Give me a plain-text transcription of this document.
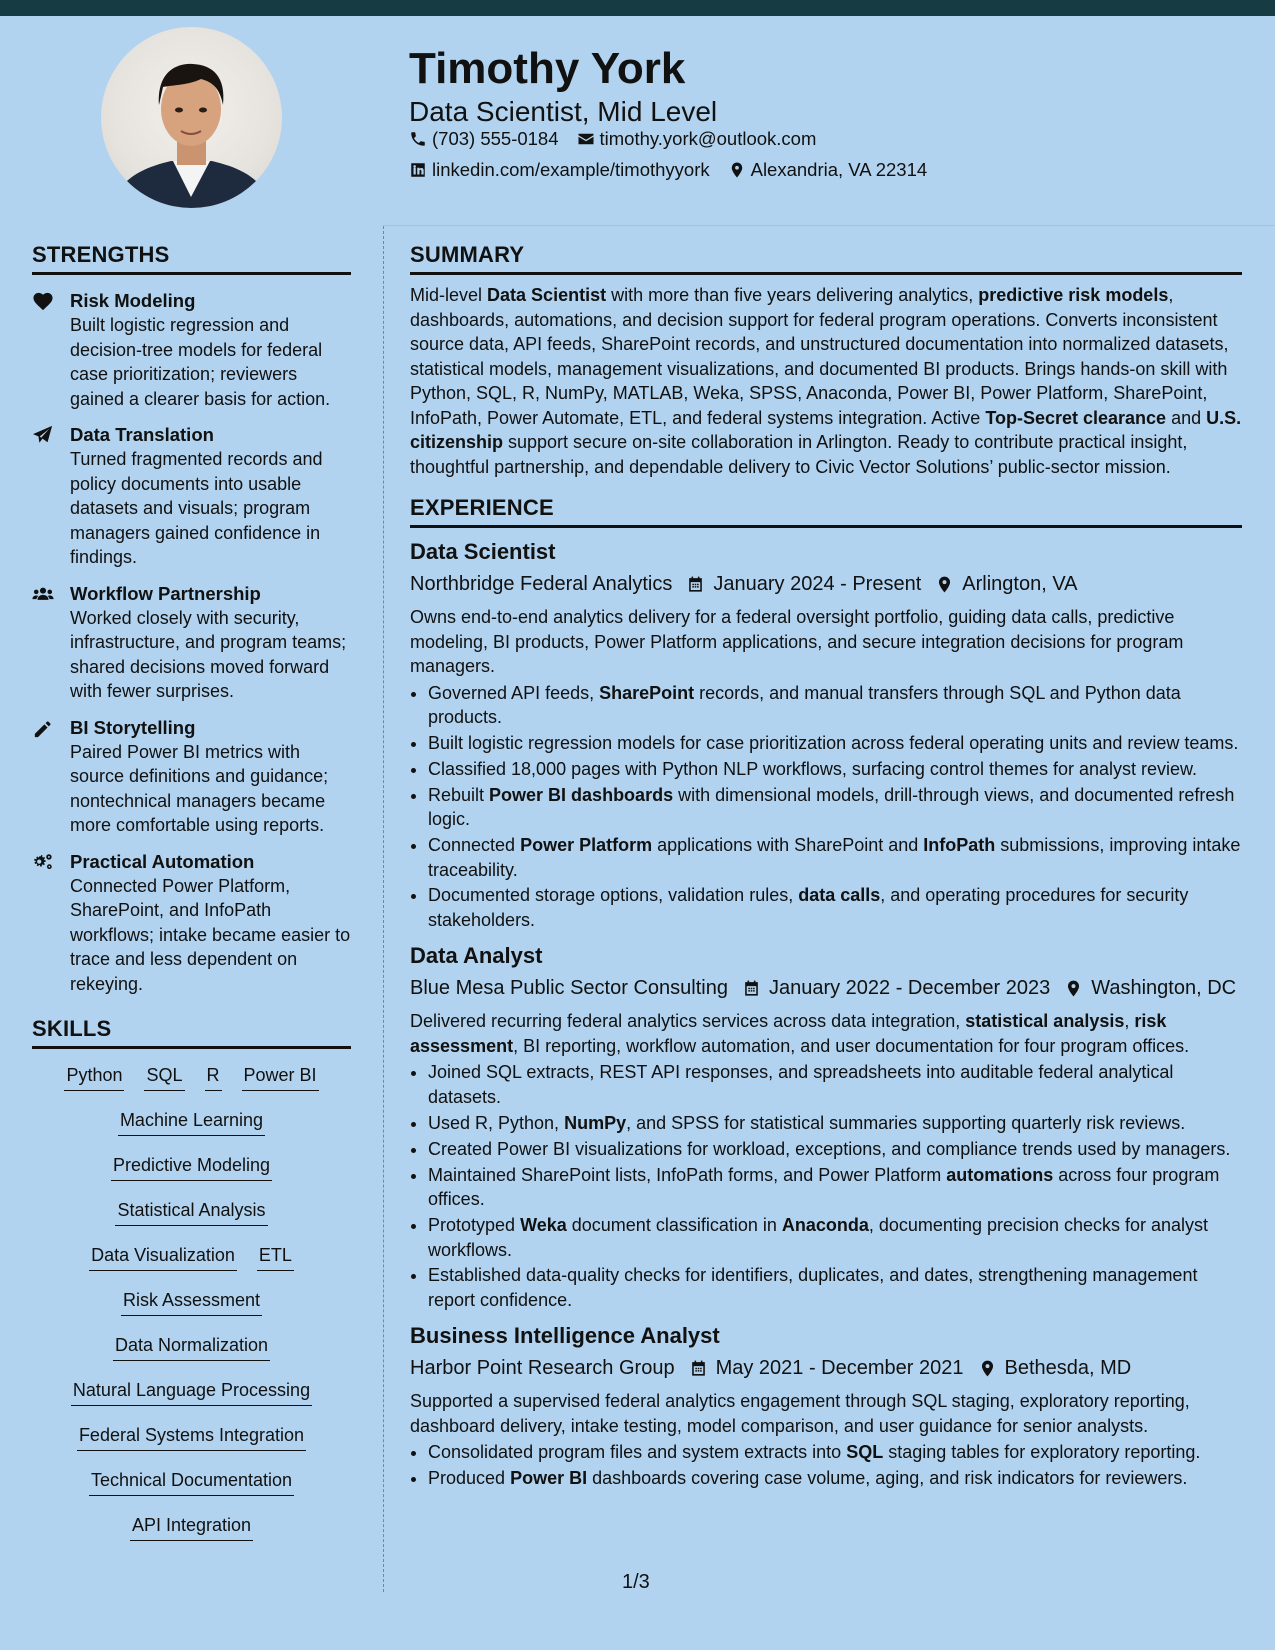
Timothy York
Data Scientist, Mid Level
(703) 555-0184 timothy.york@outlook.com
linkedin.com/example/timothyyork Alexandria, VA 22314
STRENGTHS
Risk Modeling
Built logistic regression and decision-tree models for federal case prioritization; reviewers gained a clearer basis for action.
Data Translation
Turned fragmented records and policy documents into usable datasets and visuals; program managers gained confidence in findings.
Workflow Partnership
Worked closely with security, infrastructure, and program teams; shared decisions moved forward with fewer surprises.
BI Storytelling
Paired Power BI metrics with source definitions and guidance; nontechnical managers became more comfortable using reports.
Practical Automation
Connected Power Platform, SharePoint, and InfoPath workflows; intake became easier to trace and less dependent on rekeying.
SKILLS
Python SQL R Power BI
Machine Learning
Predictive Modeling
Statistical Analysis
Data Visualization ETL
Risk Assessment
Data Normalization
Natural Language Processing
Federal Systems Integration
Technical Documentation
API Integration
SUMMARY

Mid-level Data Scientist with more than five years delivering analytics, predictive risk models, dashboards, automations, and decision support for federal program operations. Converts inconsistent source data, API feeds, SharePoint records, and unstructured documentation into normalized datasets, statistical models, management visualizations, and documented BI products. Brings hands-on skill with Python, SQL, R, NumPy, MATLAB, Weka, SPSS, Anaconda, Power BI, Power Platform, SharePoint, InfoPath, Power Automate, ETL, and federal systems integration. Active Top-Secret clearance and U.S. citizenship support secure on-site collaboration in Arlington. Ready to contribute practical insight, thoughtful partnership, and dependable delivery to Civic Vector Solutions’ public-sector mission.

EXPERIENCE
Data Scientist
Northbridge Federal Analytics January 2024 - Present Arlington, VA
Owns end-to-end analytics delivery for a federal oversight portfolio, guiding data calls, predictive modeling, BI products, Power Platform applications, and secure integration decisions for program managers.
• Governed API feeds, SharePoint records, and manual transfers through SQL and Python data products.
• Built logistic regression models for case prioritization across federal operating units and review teams.
• Classified 18,000 pages with Python NLP workflows, surfacing control themes for analyst review.
• Rebuilt Power BI dashboards with dimensional models, drill-through views, and documented refresh logic.
• Connected Power Platform applications with SharePoint and InfoPath submissions, improving intake traceability.
• Documented storage options, validation rules, data calls, and operating procedures for security stakeholders.
Data Analyst
Blue Mesa Public Sector Consulting January 2022 - December 2023 Washington, DC
Delivered recurring federal analytics services across data integration, statistical analysis, risk assessment, BI reporting, workflow automation, and user documentation for four program offices.
• Joined SQL extracts, REST API responses, and spreadsheets into auditable federal analytical datasets.
• Used R, Python, NumPy, and SPSS for statistical summaries supporting quarterly risk reviews.
• Created Power BI visualizations for workload, exceptions, and compliance trends used by managers.
• Maintained SharePoint lists, InfoPath forms, and Power Platform automations across four program offices.
• Prototyped Weka document classification in Anaconda, documenting precision checks for analyst workflows.
• Established data-quality checks for identifiers, duplicates, and dates, strengthening management report confidence.
Business Intelligence Analyst
Harbor Point Research Group May 2021 - December 2021 Bethesda, MD
Supported a supervised federal analytics engagement through SQL staging, exploratory reporting, dashboard delivery, intake testing, model comparison, and user guidance for senior analysts.
• Consolidated program files and system extracts into SQL staging tables for exploratory reporting.
• Produced Power BI dashboards covering case volume, aging, and risk indicators for reviewers.
1/3
